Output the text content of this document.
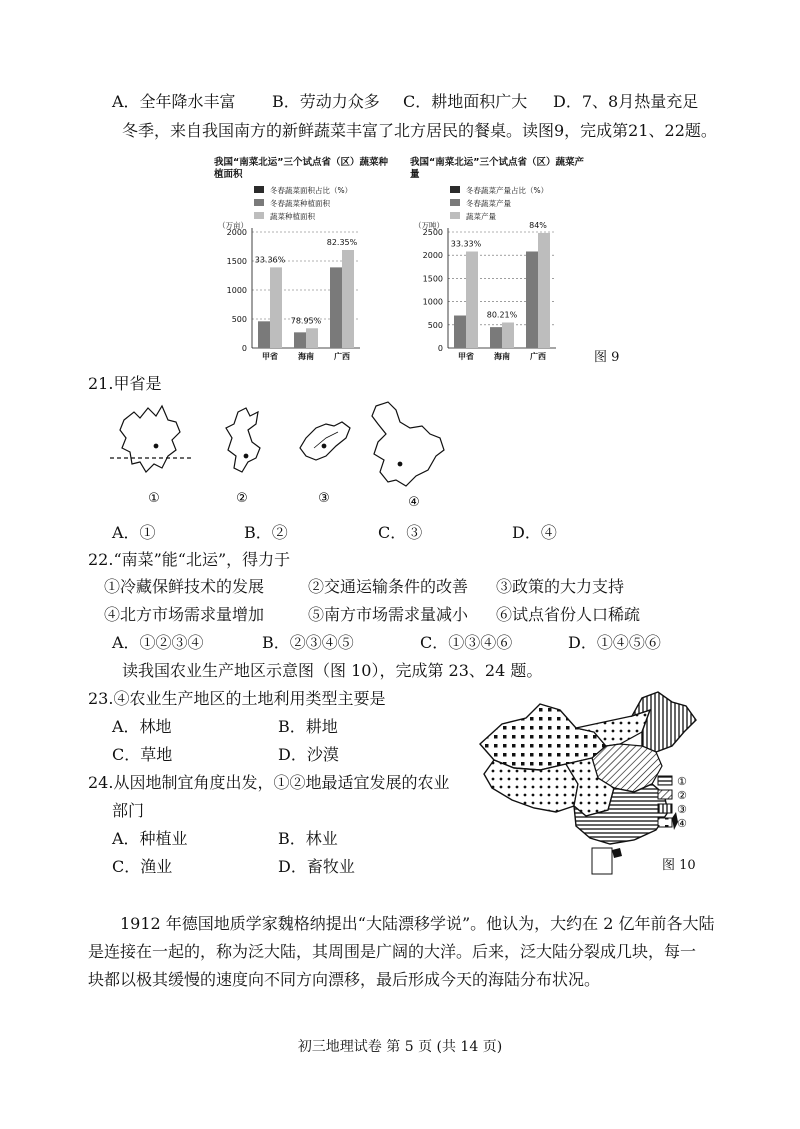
A．全年降水丰富 B．劳动力众多 C．耕地面积广大 D．7、8月热量充足
冬季，来自我国南方的新鲜蔬菜丰富了北方居民的餐桌。读图9，完成第21、22题。
我国“南菜北运”三个试点省（区）蔬菜种植面积
我国“南菜北运”三个试点省（区）蔬菜产量
冬春蔬菜面积占比（%）
冬春蔬菜种植面积
蔬菜种植面积
（万亩）
0
500
1000
1500
2000
33.36%
甲省
78.95%
海南
82.35%
广西
冬春蔬菜产量占比（%）
冬春蔬菜产量
蔬菜产量
（万吨）
0
500
1000
1500
2000
2500
33.33%
甲省
80.21%
海南
84%
广西	图 9
21.甲省是
①	②	③	④
A．①	B．②	C．③	D．④
22.“南菜”能“北运”，得力于
①冷藏保鲜技术的发展	②交通运输条件的改善 ③政策的大力支持
④北方市场需求量增加	⑤南方市场需求量减小 ⑥试点省份人口稀疏
A．①②③④	B．②③④⑤	C．①③④⑥	D．①④⑤⑥
读我国农业生产地区示意图（图 10），完成第 23、24 题。
23.④农业生产地区的土地利用类型主要是
A．林地	B．耕地
C．草地	D．沙漠
24.从因地制宜角度出发，①②地最适宜发展的农业
部门
A．种植业	B．林业
C．渔业	D．畜牧业
①
②
③
④
图 10
1912 年德国地质学家魏格纳提出“大陆漂移学说”。他认为，大约在 2 亿年前各大陆
是连接在一起的，称为泛大陆，其周围是广阔的大洋。后来，泛大陆分裂成几块，每一
块都以极其缓慢的速度向不同方向漂移，最后形成今天的海陆分布状况。
初三地理试卷 第 5 页 (共 14 页)
